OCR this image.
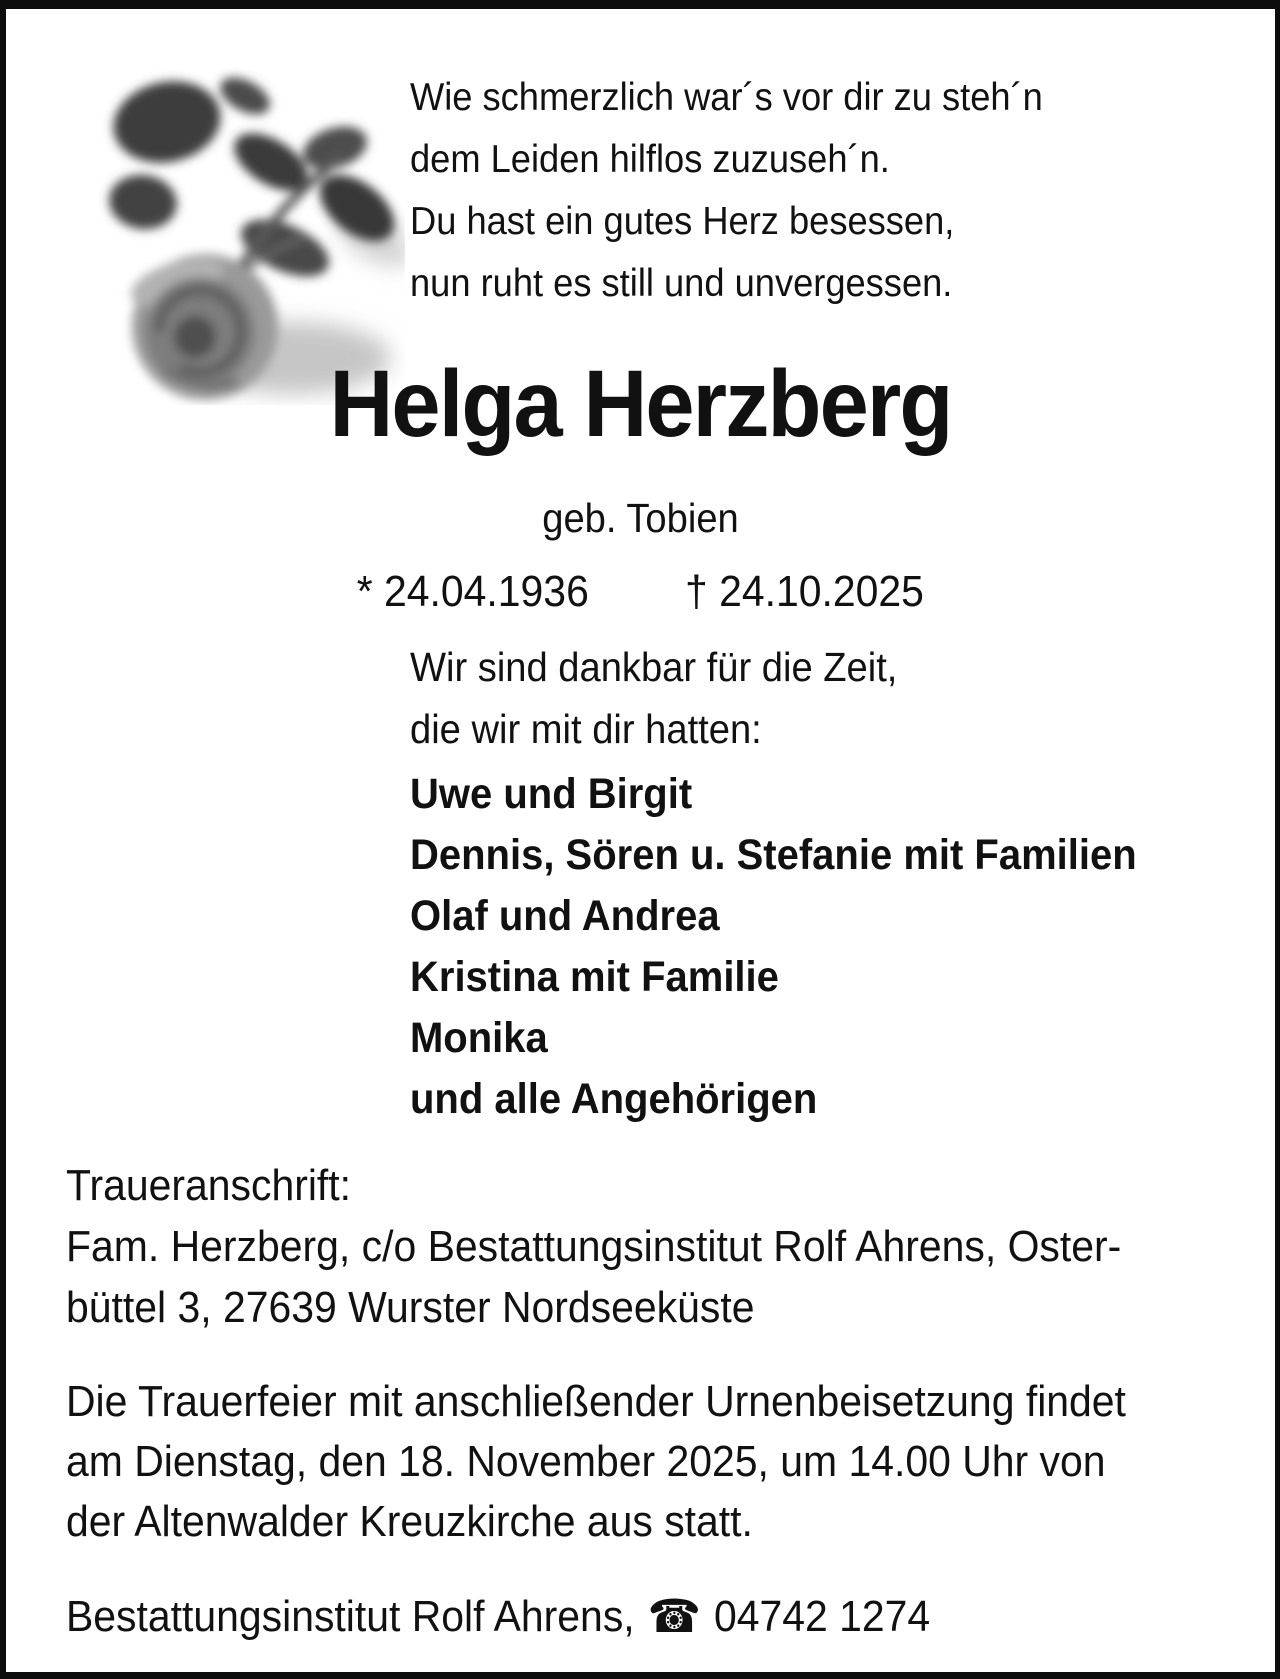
Wie schmerzlich war´s vor dir zu steh´n
dem Leiden hilflos zuzuseh´n.
Du hast ein gutes Herz besessen,
nun ruht es still und unvergessen.
Helga Herzberg
geb. Tobien
* 24.04.1936 † 24.10.2025
Wir sind dankbar für die Zeit,
die wir mit dir hatten:
Uwe und Birgit
Dennis, Sören u. Stefanie mit Familien
Olaf und Andrea
Kristina mit Familie
Monika
und alle Angehörigen
Traueranschrift:
Fam. Herzberg, c/o Bestattungsinstitut Rolf Ahrens, Oster-
büttel 3, 27639 Wurster Nordseeküste
Die Trauerfeier mit anschließender Urnenbeisetzung findet
am Dienstag, den 18. November 2025, um 14.00 Uhr von
der Altenwalder Kreuzkirche aus statt.
Bestattungsinstitut Rolf Ahrens, ☎ 04742 1274
